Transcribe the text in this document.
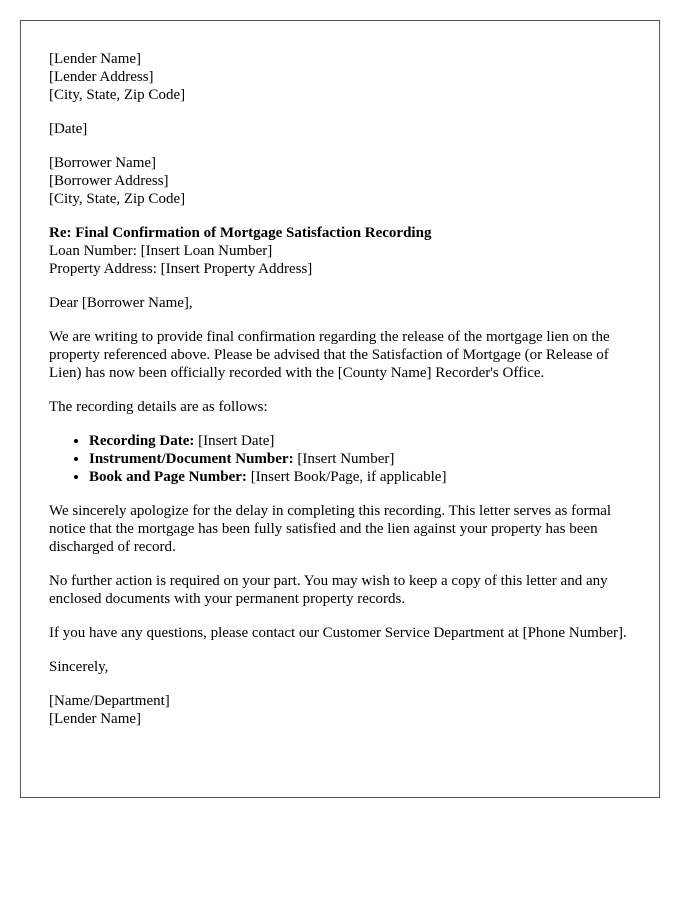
[Lender Name]
[Lender Address]
[City, State, Zip Code]
[Date]
[Borrower Name]
[Borrower Address]
[City, State, Zip Code]
Re: Final Confirmation of Mortgage Satisfaction Recording
Loan Number: [Insert Loan Number]
Property Address: [Insert Property Address]

Dear [Borrower Name],

We are writing to provide final confirmation regarding the release of the mortgage lien on the property referenced above. Please be advised that the Satisfaction of Mortgage (or Release of Lien) has now been officially recorded with the [County Name] Recorder's Office.

The recording details are as follows:

• Recording Date: [Insert Date]
• Instrument/Document Number: [Insert Number]
• Book and Page Number: [Insert Book/Page, if applicable]

We sincerely apologize for the delay in completing this recording. This letter serves as formal notice that the mortgage has been fully satisfied and the lien against your property has been discharged of record.

No further action is required on your part. You may wish to keep a copy of this letter and any enclosed documents with your permanent property records.

If you have any questions, please contact our Customer Service Department at [Phone Number].

Sincerely,

[Name/Department]
[Lender Name]
